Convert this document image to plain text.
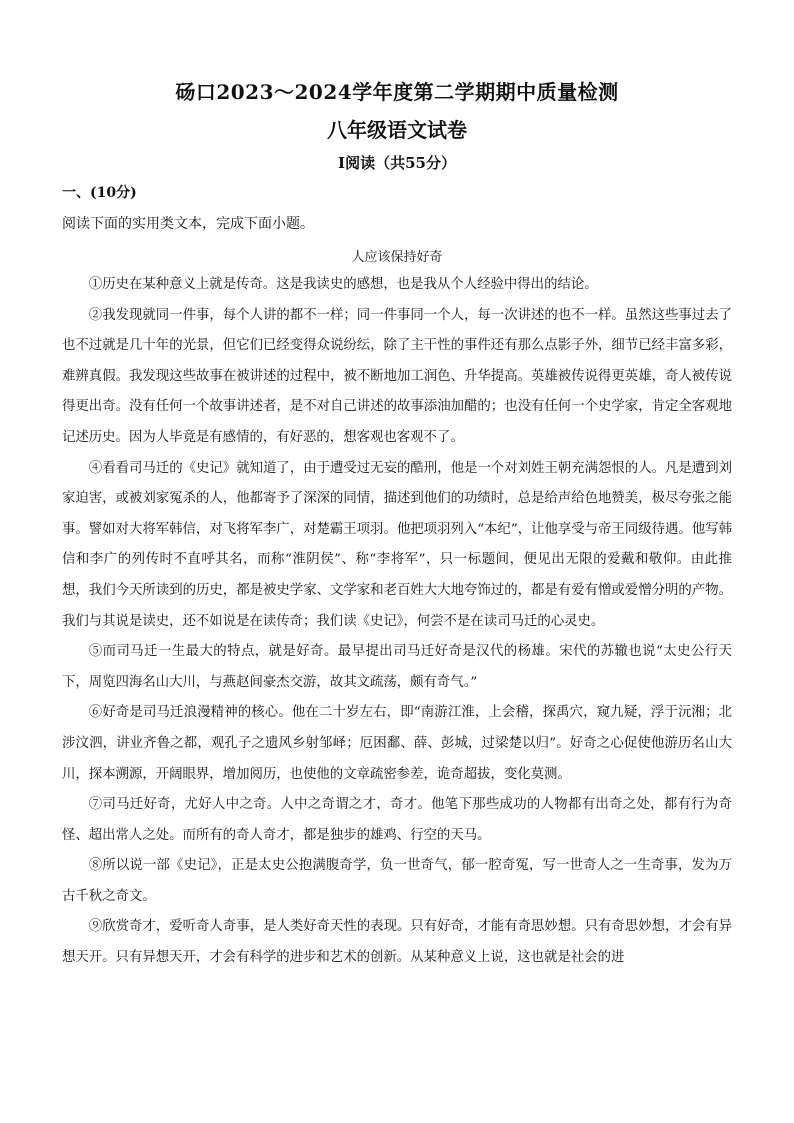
砀口2023～2024学年度第二学期期中质量检测
八年级语文试卷
Ⅰ阅读（共55分）
一、(10分)
阅读下面的实用类文本，完成下面小题。
人应该保持好奇

①历史在某种意义上就是传奇。这是我读史的感想，也是我从个人经验中得出的结论。

②我发现就同一件事，每个人讲的都不一样；同一件事同一个人，每一次讲述的也不一样。虽然这些事过去了也不过就是几十年的光景，但它们已经变得众说纷纭，除了主干性的事件还有那么点影子外，细节已经丰富多彩，难辨真假。我发现这些故事在被讲述的过程中，被不断地加工润色、升华提高。英雄被传说得更英雄，奇人被传说得更出奇。没有任何一个故事讲述者，是不对自己讲述的故事添油加醋的；也没有任何一个史学家，肯定全客观地记述历史。因为人毕竟是有感情的，有好恶的，想客观也客观不了。

④看看司马迁的《史记》就知道了，由于遭受过无妄的酷刑，他是一个对刘姓王朝充满怨恨的人。凡是遭到刘家迫害，或被刘家冤杀的人，他都寄予了深深的同情，描述到他们的功绩时，总是给声给色地赞美，极尽夸张之能事。譬如对大将军韩信，对飞将军李广，对楚霸王项羽。他把项羽列入“本纪”，让他享受与帝王同级待遇。他写韩信和李广的列传时不直呼其名，而称“淮阴侯”、称“李将军”，只一标题间，便见出无限的爱戴和敬仰。由此推想，我们今天所读到的历史，都是被史学家、文学家和老百姓大大地夸饰过的，都是有爱有憎或爱憎分明的产物。我们与其说是读史，还不如说是在读传奇；我们读《史记》，何尝不是在读司马迁的心灵史。

⑤而司马迁一生最大的特点，就是好奇。最早提出司马迁好奇是汉代的杨雄。宋代的苏辙也说“太史公行天下，周览四海名山大川，与燕赵间豪杰交游，故其文疏荡，颇有奇气。”

⑥好奇是司马迁浪漫精神的核心。他在二十岁左右，即“南游江淮，上会稽，探禹穴，窥九疑，浮于沅湘；北涉汶泗，讲业齐鲁之都，观孔子之遗风乡射邹峄；厄困鄱、薛、彭城，过梁楚以归”。好奇之心促使他游历名山大川，探本溯源，开阔眼界，增加阅历，也使他的文章疏密参差，诡奇超拔，变化莫测。

⑦司马迁好奇，尤好人中之奇。人中之奇谓之才，奇才。他笔下那些成功的人物都有出奇之处，都有行为奇怪、超出常人之处。而所有的奇人奇才，都是独步的雄鸡、行空的天马。

⑧所以说一部《史记》，正是太史公抱满腹奇学，负一世奇气，郁一腔奇冤，写一世奇人之一生奇事，发为万古千秋之奇文。

⑨欣赏奇才，爱听奇人奇事，是人类好奇天性的表现。只有好奇，才能有奇思妙想。只有奇思妙想，才会有异想天开。只有异想天开，才会有科学的进步和艺术的创新。从某种意义上说，这也就是社会的进
